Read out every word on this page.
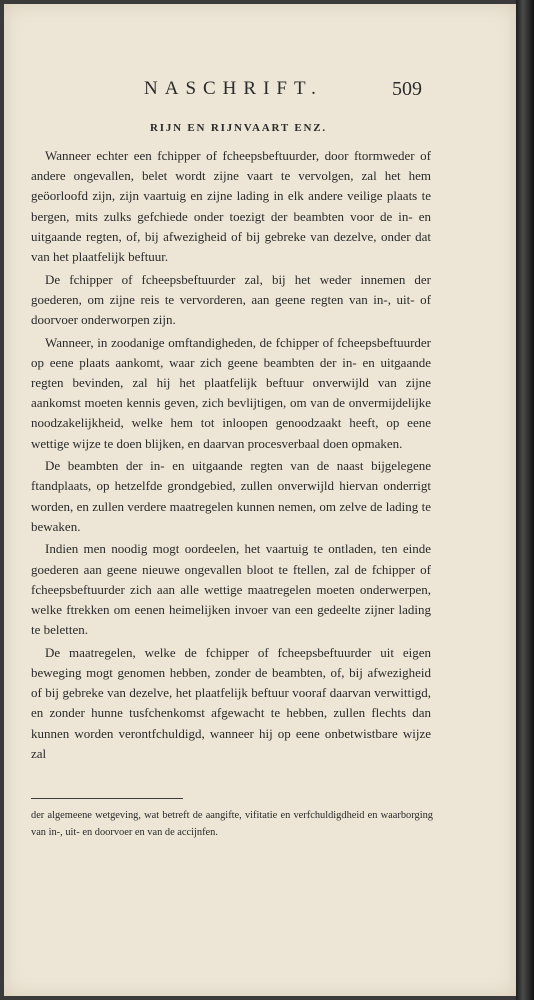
NASCHRIFT.	509
RIJN EN RIJNVAART ENZ.

Wanneer echter een fchipper of fcheepsbeftuurder, door ftormweder of andere ongevallen, belet wordt zijne vaart te vervolgen, zal het hem geöorloofd zijn, zijn vaartuig en zijne lading in elk andere veilige plaats te bergen, mits zulks gefchiede onder toezigt der beambten voor de in- en uitgaande regten, of, bij afwezigheid of bij gebreke van dezelve, onder dat van het plaatfelijk beftuur.

De fchipper of fcheepsbeftuurder zal, bij het weder innemen der goederen, om zijne reis te vervorderen, aan geene regten van in-, uit- of doorvoer onderworpen zijn.

Wanneer, in zoodanige omftandigheden, de fchipper of fcheepsbeftuurder op eene plaats aankomt, waar zich geene beambten der in- en uitgaande regten bevinden, zal hij het plaatfelijk beftuur onverwijld van zijne aankomst moeten kennis geven, zich bevlijtigen, om van de onvermijdelijke noodzakelijkheid, welke hem tot inloopen genoodzaakt heeft, op eene wettige wijze te doen blijken, en daarvan procesverbaal doen opmaken.

De beambten der in- en uitgaande regten van de naast bijgelegene ftandplaats, op hetzelfde grondgebied, zullen onverwijld hiervan onderrigt worden, en zullen verdere maatregelen kunnen nemen, om zelve de lading te bewaken.

Indien men noodig mogt oordeelen, het vaartuig te ontladen, ten einde goederen aan geene nieuwe ongevallen bloot te ftellen, zal de fchipper of fcheepsbeftuurder zich aan alle wettige maatregelen moeten onderwerpen, welke ftrekken om eenen heimelijken invoer van een gedeelte zijner lading te beletten.

De maatregelen, welke de fchipper of fcheepsbeftuurder uit eigen beweging mogt genomen hebben, zonder de beambten, of, bij afwezigheid of bij gebreke van dezelve, het plaatfelijk beftuur vooraf daarvan verwittigd, en zonder hunne tusfchenkomst afgewacht te hebben, zullen flechts dan kunnen worden verontfchuldigd, wanneer hij op eene onbetwistbare wijze zal

der algemeene wetgeving, wat betreft de aangifte, vifitatie en verfchuldigdheid en waarborging van in-, uit- en doorvoer en van de accijnfen.
